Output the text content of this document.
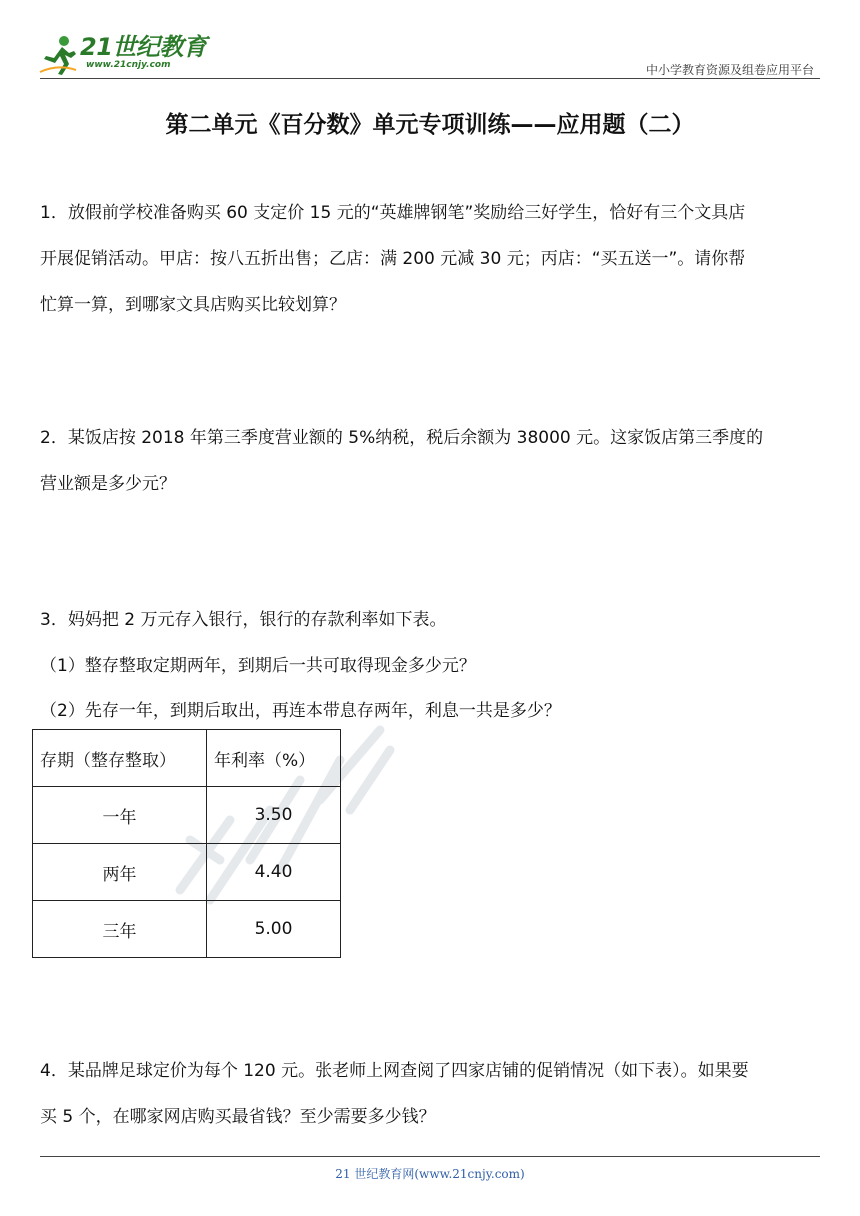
21世纪教育
www.21cnjy.com	中小学教育资源及组卷应用平台
第二单元《百分数》单元专项训练——应用题（二）
1．放假前学校准备购买 60 支定价 15 元的“英雄牌钢笔”奖励给三好学生，恰好有三个文具店
开展促销活动。甲店：按八五折出售；乙店：满 200 元减 30 元；丙店：“买五送一”。请你帮
忙算一算，到哪家文具店购买比较划算？
2．某饭店按 2018 年第三季度营业额的 5%纳税，税后余额为 38000 元。这家饭店第三季度的
营业额是多少元？
3．妈妈把 2 万元存入银行，银行的存款利率如下表。
（1）整存整取定期两年，到期后一共可取得现金多少元？
（2）先存一年，到期后取出，再连本带息存两年，利息一共是多少？
存期（整存整取）	年利率（%）
一年	3.50
两年	4.40
三年	5.00
4．某品牌足球定价为每个 120 元。张老师上网查阅了四家店铺的促销情况（如下表）。如果要
买 5 个，在哪家网店购买最省钱？至少需要多少钱？
21 世纪教育网(www.21cnjy.com)
